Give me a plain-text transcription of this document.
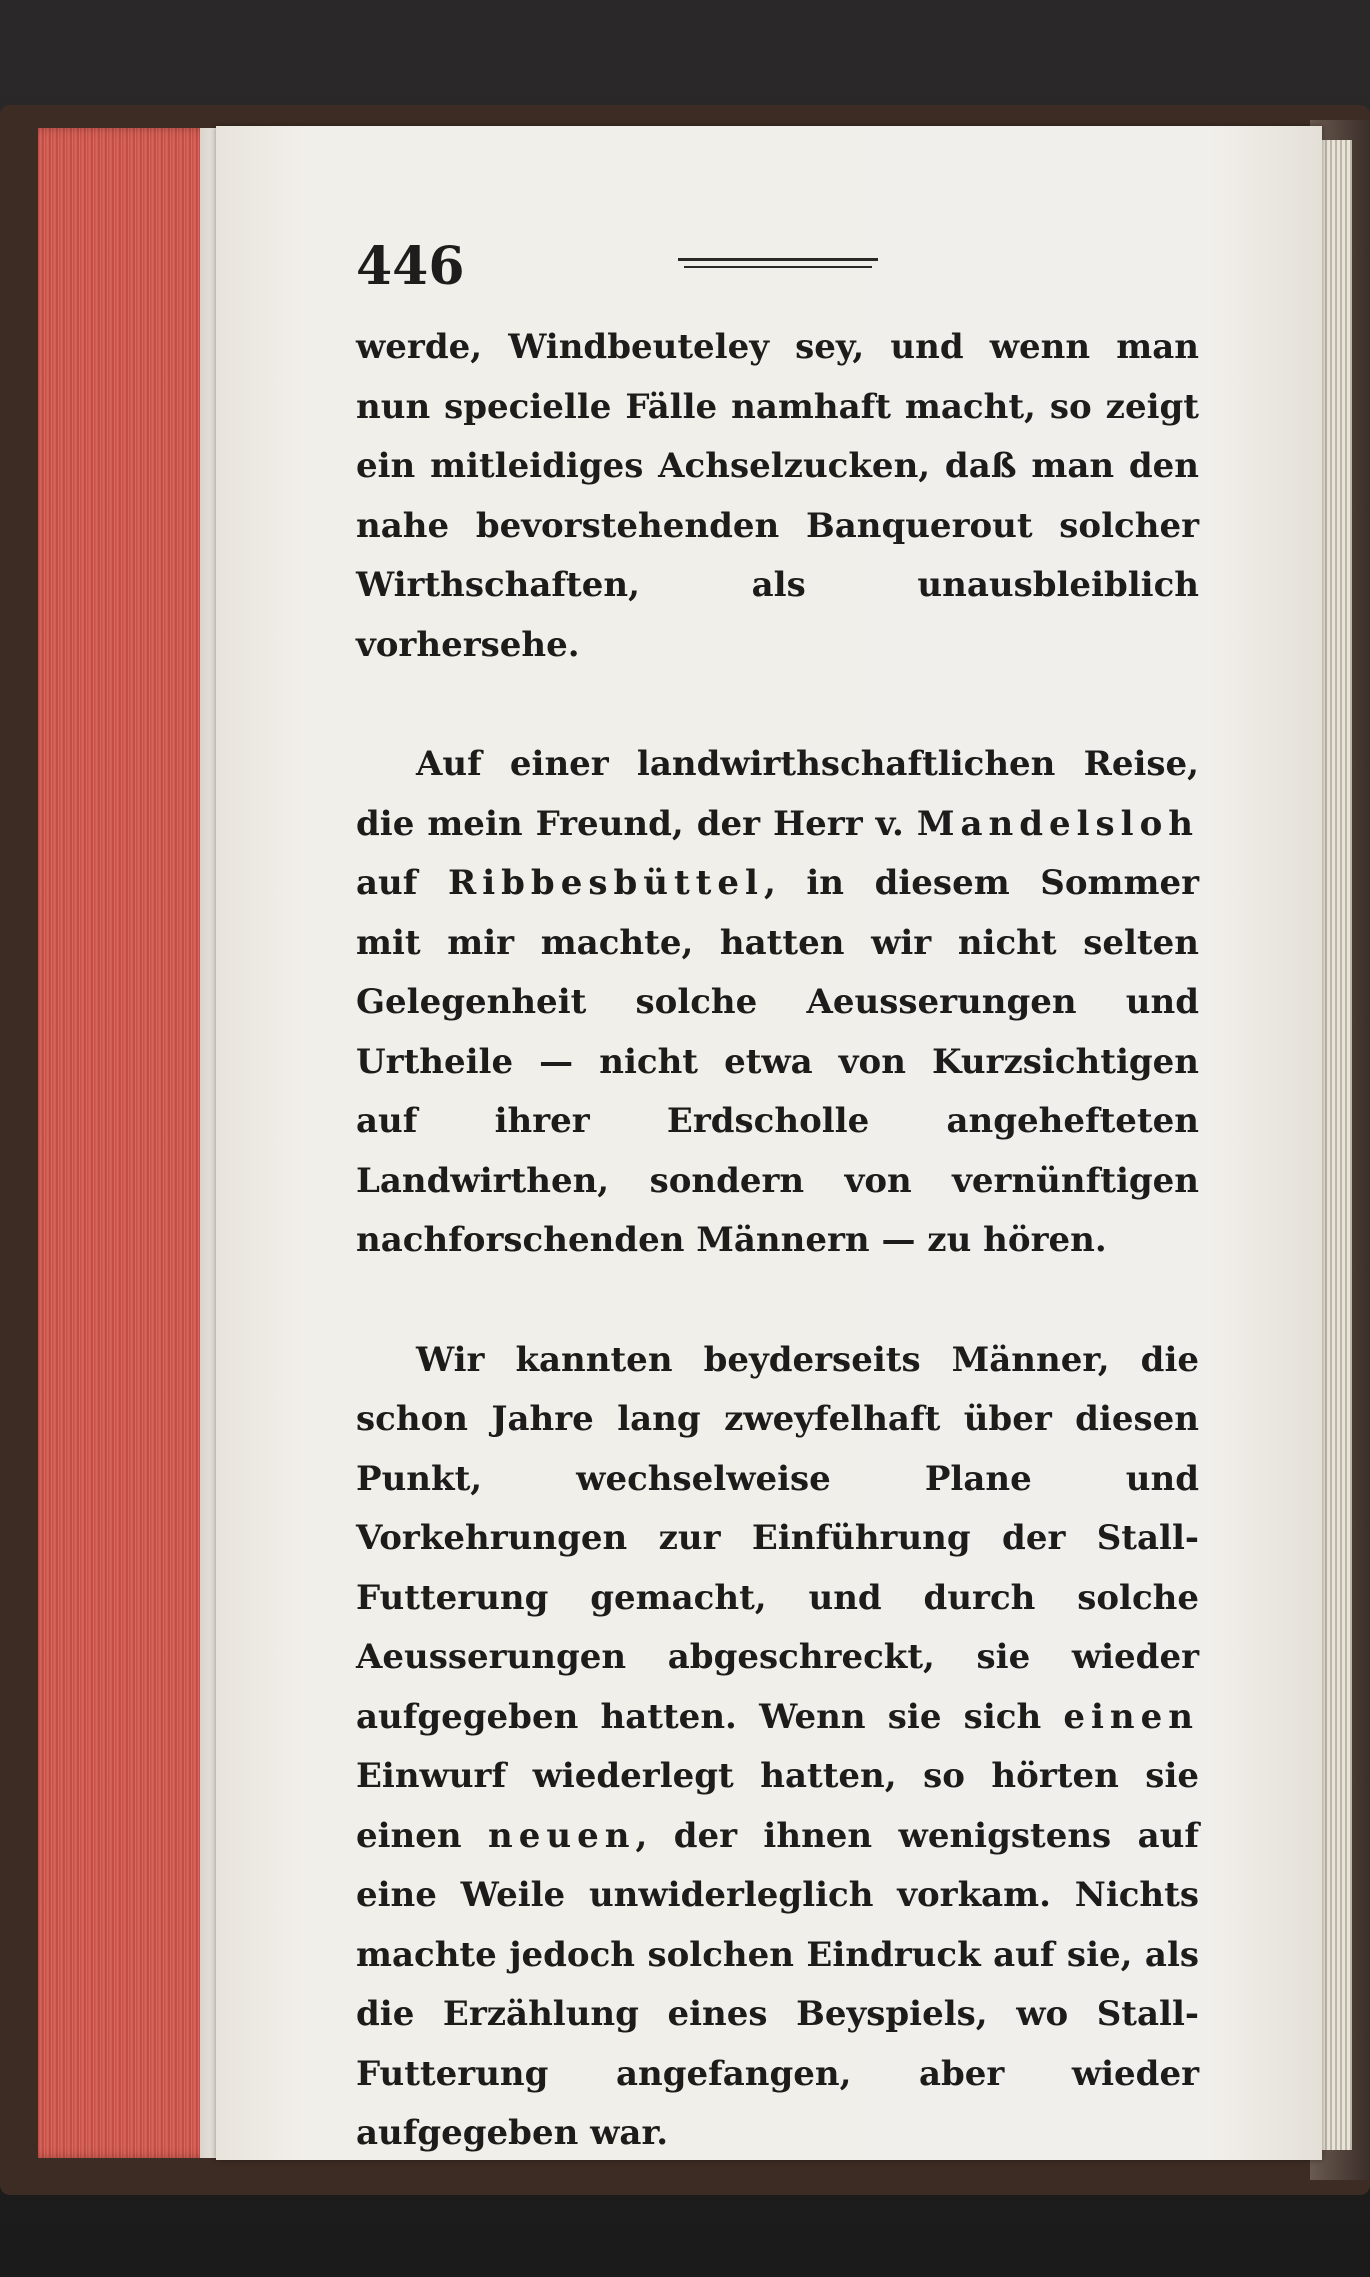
446

werde, Windbeuteley sey, und wenn man nun specielle Fälle namhaft macht, so zeigt ein mitleidiges Achselzucken, daß man den nahe bevorstehenden Banquerout solcher Wirthschaften, als unausbleiblich vorhersehe.

Auf einer landwirthschaftlichen Reise, die mein Freund, der Herr v. Mandelsloh auf Ribbesbüttel, in diesem Sommer mit mir machte, hatten wir nicht selten Gelegenheit solche Aeusserungen und Urtheile — nicht etwa von Kurzsichtigen auf ihrer Erdscholle angehefteten Landwirthen, sondern von vernünftigen nachforschenden Männern — zu hören.

Wir kannten beyderseits Männer, die schon Jahre lang zweyfelhaft über diesen Punkt, wechselweise Plane und Vorkehrungen zur Einführung der Stall-Futterung gemacht, und durch solche Aeusserungen abgeschreckt, sie wieder aufgegeben hatten. Wenn sie sich einen Einwurf wiederlegt hatten, so hörten sie einen neuen, der ihnen wenigstens auf eine Weile unwiderleglich vorkam. Nichts machte jedoch solchen Eindruck auf sie, als die Erzählung eines Beyspiels, wo StallFutterung angefangen, aber wieder aufgegeben war.
